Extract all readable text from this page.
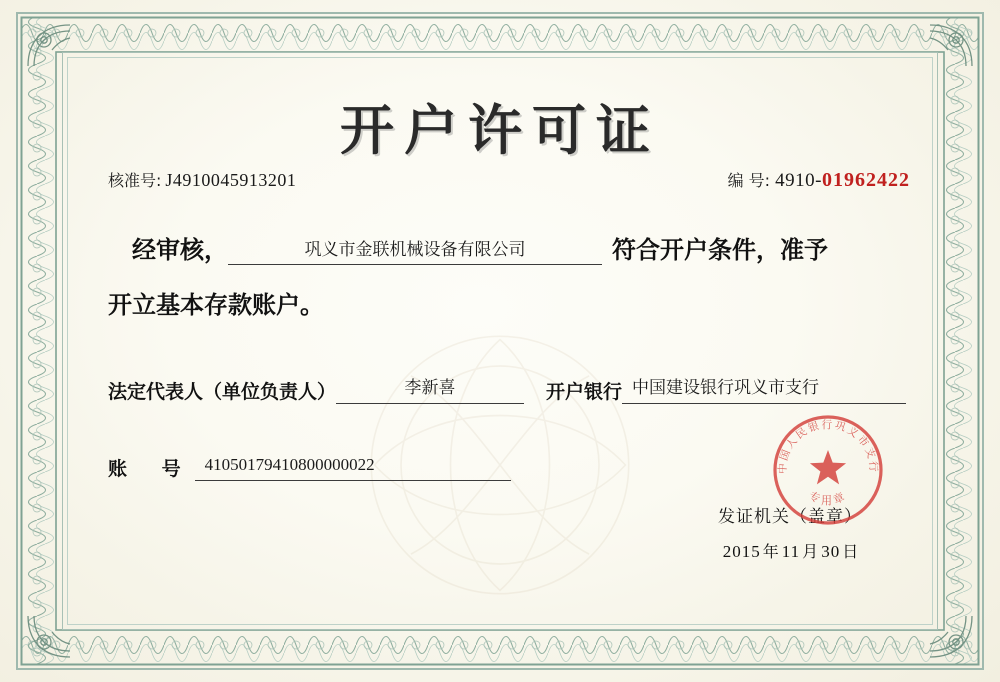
开户许可证
核准号: J4910045913201	编 号: 4910-01962422
经审核，	巩义市金联机械设备有限公司	符合开户条件，准予
开立基本存款账户。
法定代表人（单位负责人）	李新喜	开户银行 中国建设银行巩义市支行
账 号 41050179410800000022
发证机关（盖章）
2015 年 11 月 30 日
中国人民银行巩义市支行
专用章
